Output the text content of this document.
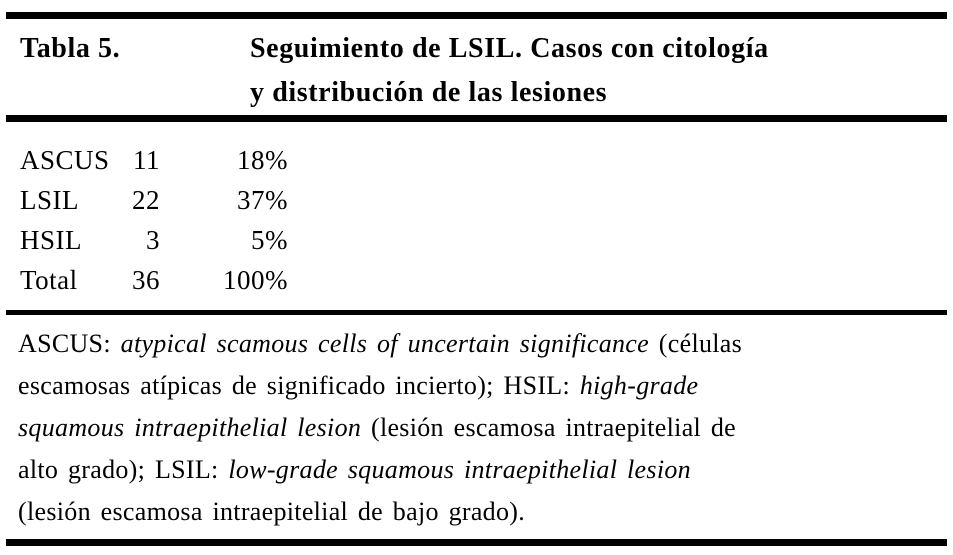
Tabla 5.	Seguimiento de LSIL. Casos con citología
y distribución de las lesiones
ASCUS 11	18%
LSIL	22	37%
HSIL	3	5%
Total	36	100%
ASCUS: atypical scamous cells of uncertain significance (células
escamosas atípicas de significado incierto); HSIL: high-grade
squamous intraepithelial lesion (lesión escamosa intraepitelial de
alto grado); LSIL: low-grade squamous intraepithelial lesion
(lesión escamosa intraepitelial de bajo grado).
